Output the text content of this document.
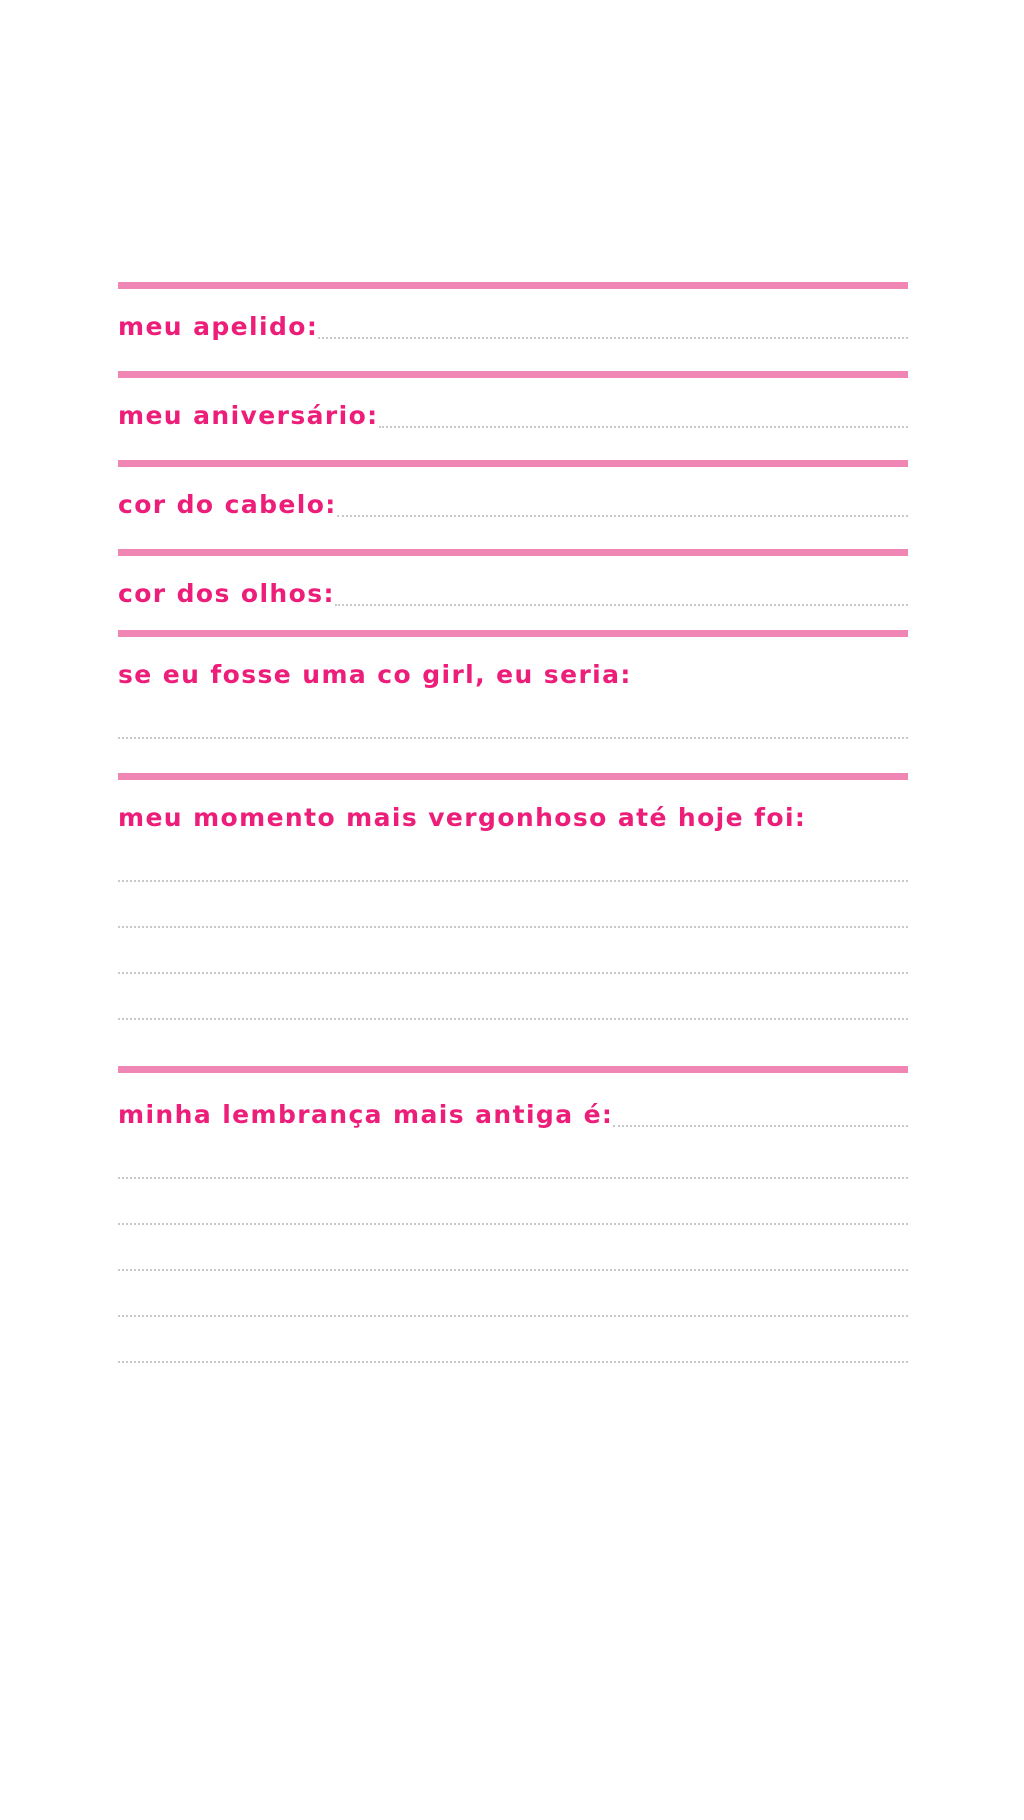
meu apelido:
meu aniversário:
cor do cabelo:
cor dos olhos:
se eu fosse uma co girl, eu seria:
meu momento mais vergonhoso até hoje foi:
minha lembrança mais antiga é:
